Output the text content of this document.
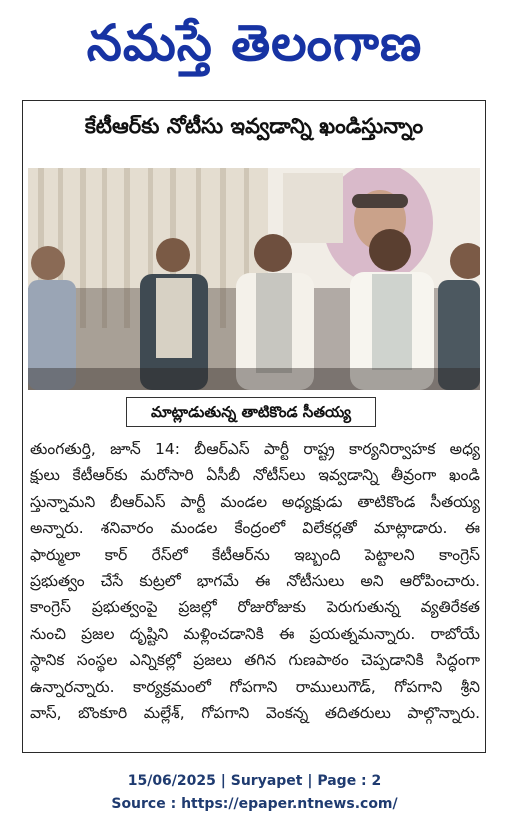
నమస్తే తెలంగాణ
కేటీఆర్‌కు నోటీసు ఇవ్వడాన్ని ఖండిస్తున్నాం
మాట్లాడుతున్న తాటికొండ సీతయ్య
తుంగతుర్తి, జూన్ 14: బీఆర్ఎస్ పార్టీ రాష్ట్ర కార్యనిర్వాహక అధ్య
క్షులు కేటీఆర్‌కు మరోసారి ఏసీబీ నోటీస్‌లు ఇవ్వడాన్ని తీవ్రంగా ఖండి
స్తున్నామని బీఆర్ఎస్ పార్టీ మండల అధ్యక్షుడు తాటికొండ సీతయ్య
అన్నారు. శనివారం మండల కేంద్రంలో విలేకర్లతో మాట్లాడారు. ఈ
ఫార్ములా కార్ రేస్‌లో కేటీఆర్‌ను ఇబ్బంది పెట్టాలని కాంగ్రెస్
ప్రభుత్వం చేసే కుట్రలో భాగమే ఈ నోటీసులు అని ఆరోపించారు.
కాంగ్రెస్ ప్రభుత్వంపై ప్రజల్లో రోజురోజుకు పెరుగుతున్న వ్యతిరేకత
నుంచి ప్రజల దృష్టిని మళ్లించడానికి ఈ ప్రయత్నమన్నారు. రాబోయే
స్థానిక సంస్థల ఎన్నికల్లో ప్రజలు తగిన గుణపాఠం చెప్పడానికి సిద్ధంగా
ఉన్నారన్నారు. కార్యక్రమంలో గోపగాని రాములుగౌడ్, గోపగాని శ్రీని
వాస్, బొంకూరి మల్లేశ్, గోపగాని వెంకన్న తదితరులు పాల్గొన్నారు.
15/06/2025 | Suryapet | Page : 2
Source : https://epaper.ntnews.com/
